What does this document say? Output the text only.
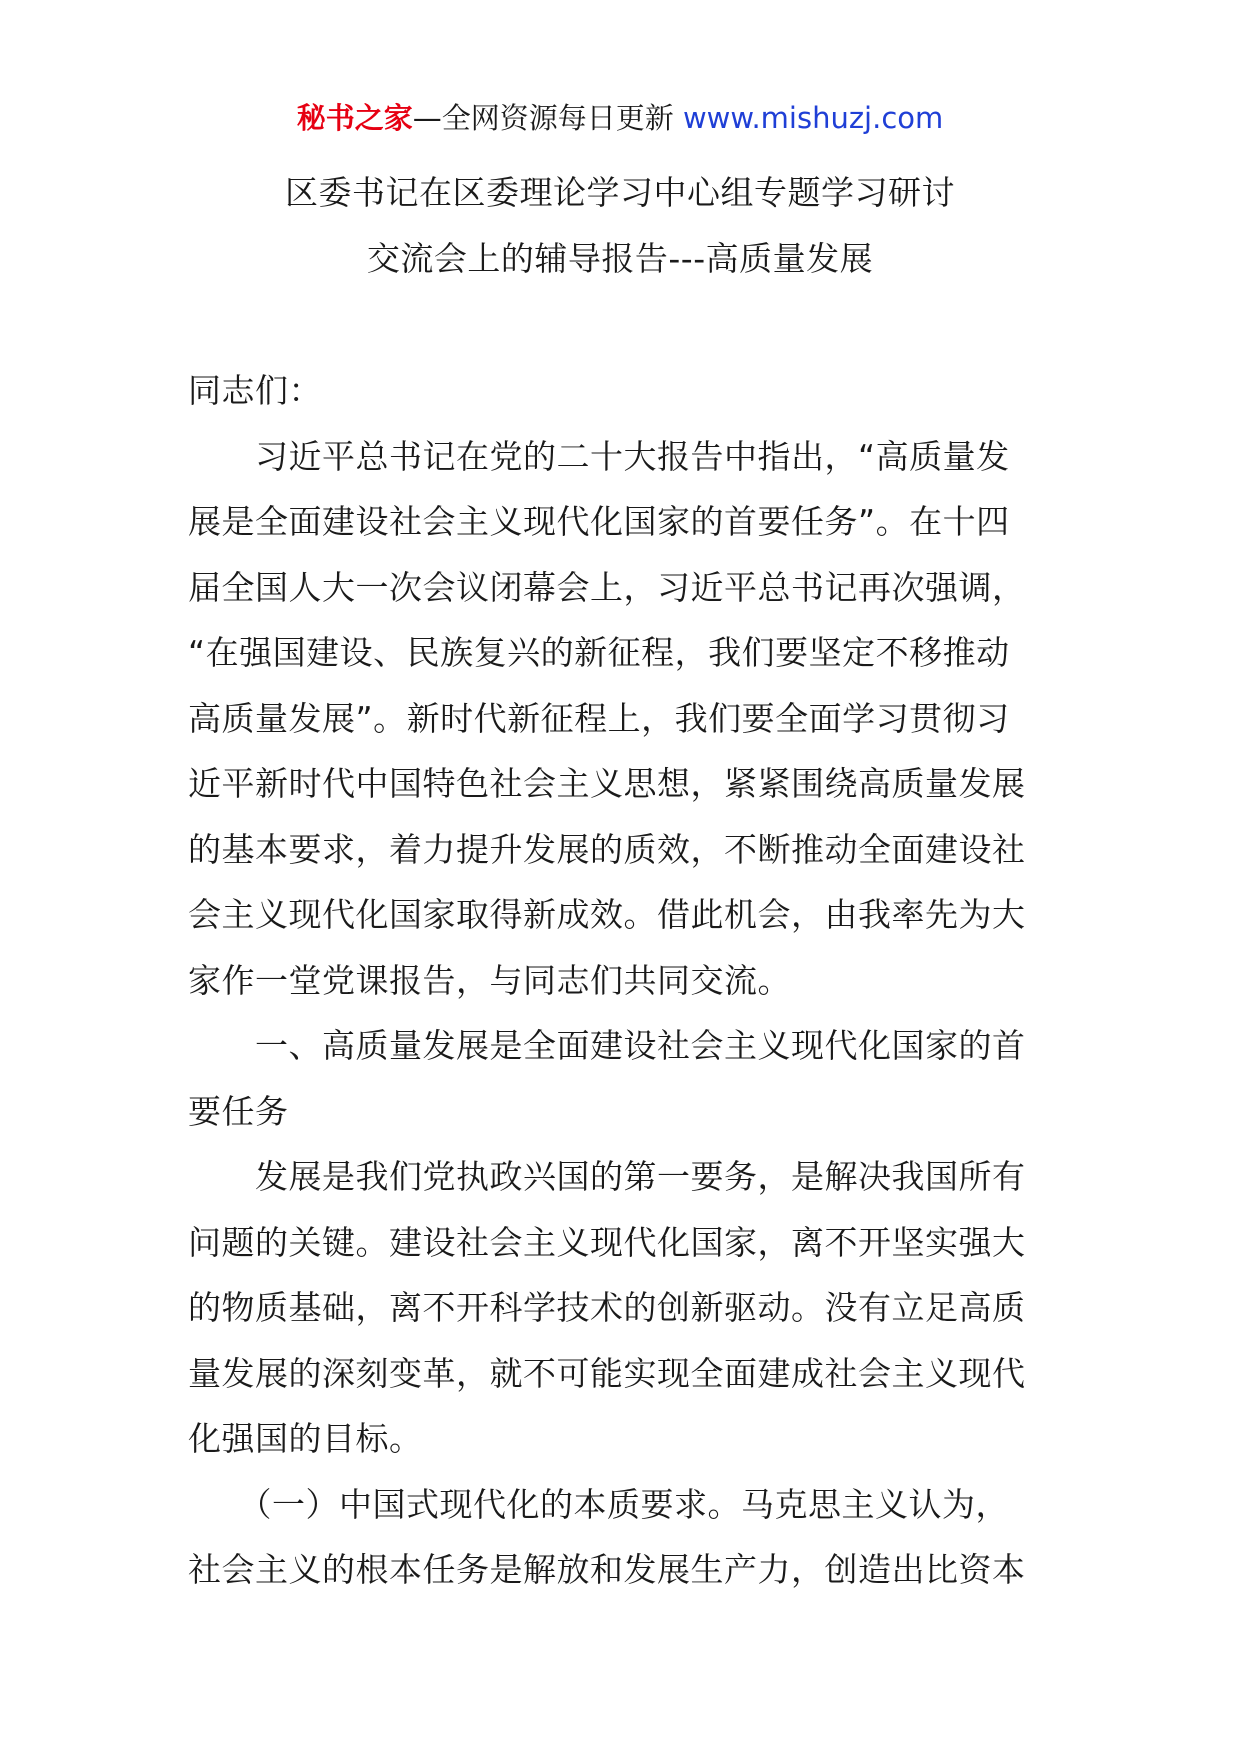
秘书之家—全网资源每日更新 www.mishuzj.com
区委书记在区委理论学习中心组专题学习研讨
交流会上的辅导报告---高质量发展
同志们：
　　习近平总书记在党的二十大报告中指出，“高质量发
展是全面建设社会主义现代化国家的首要任务”。在十四
届全国人大一次会议闭幕会上，习近平总书记再次强调，
“在强国建设、民族复兴的新征程，我们要坚定不移推动
高质量发展”。新时代新征程上，我们要全面学习贯彻习
近平新时代中国特色社会主义思想，紧紧围绕高质量发展
的基本要求，着力提升发展的质效，不断推动全面建设社
会主义现代化国家取得新成效。借此机会，由我率先为大
家作一堂党课报告，与同志们共同交流。
　　一、高质量发展是全面建设社会主义现代化国家的首
要任务
　　发展是我们党执政兴国的第一要务，是解决我国所有
问题的关键。建设社会主义现代化国家，离不开坚实强大
的物质基础，离不开科学技术的创新驱动。没有立足高质
量发展的深刻变革，就不可能实现全面建成社会主义现代
化强国的目标。
　　（一）中国式现代化的本质要求。马克思主义认为，
社会主义的根本任务是解放和发展生产力，创造出比资本
